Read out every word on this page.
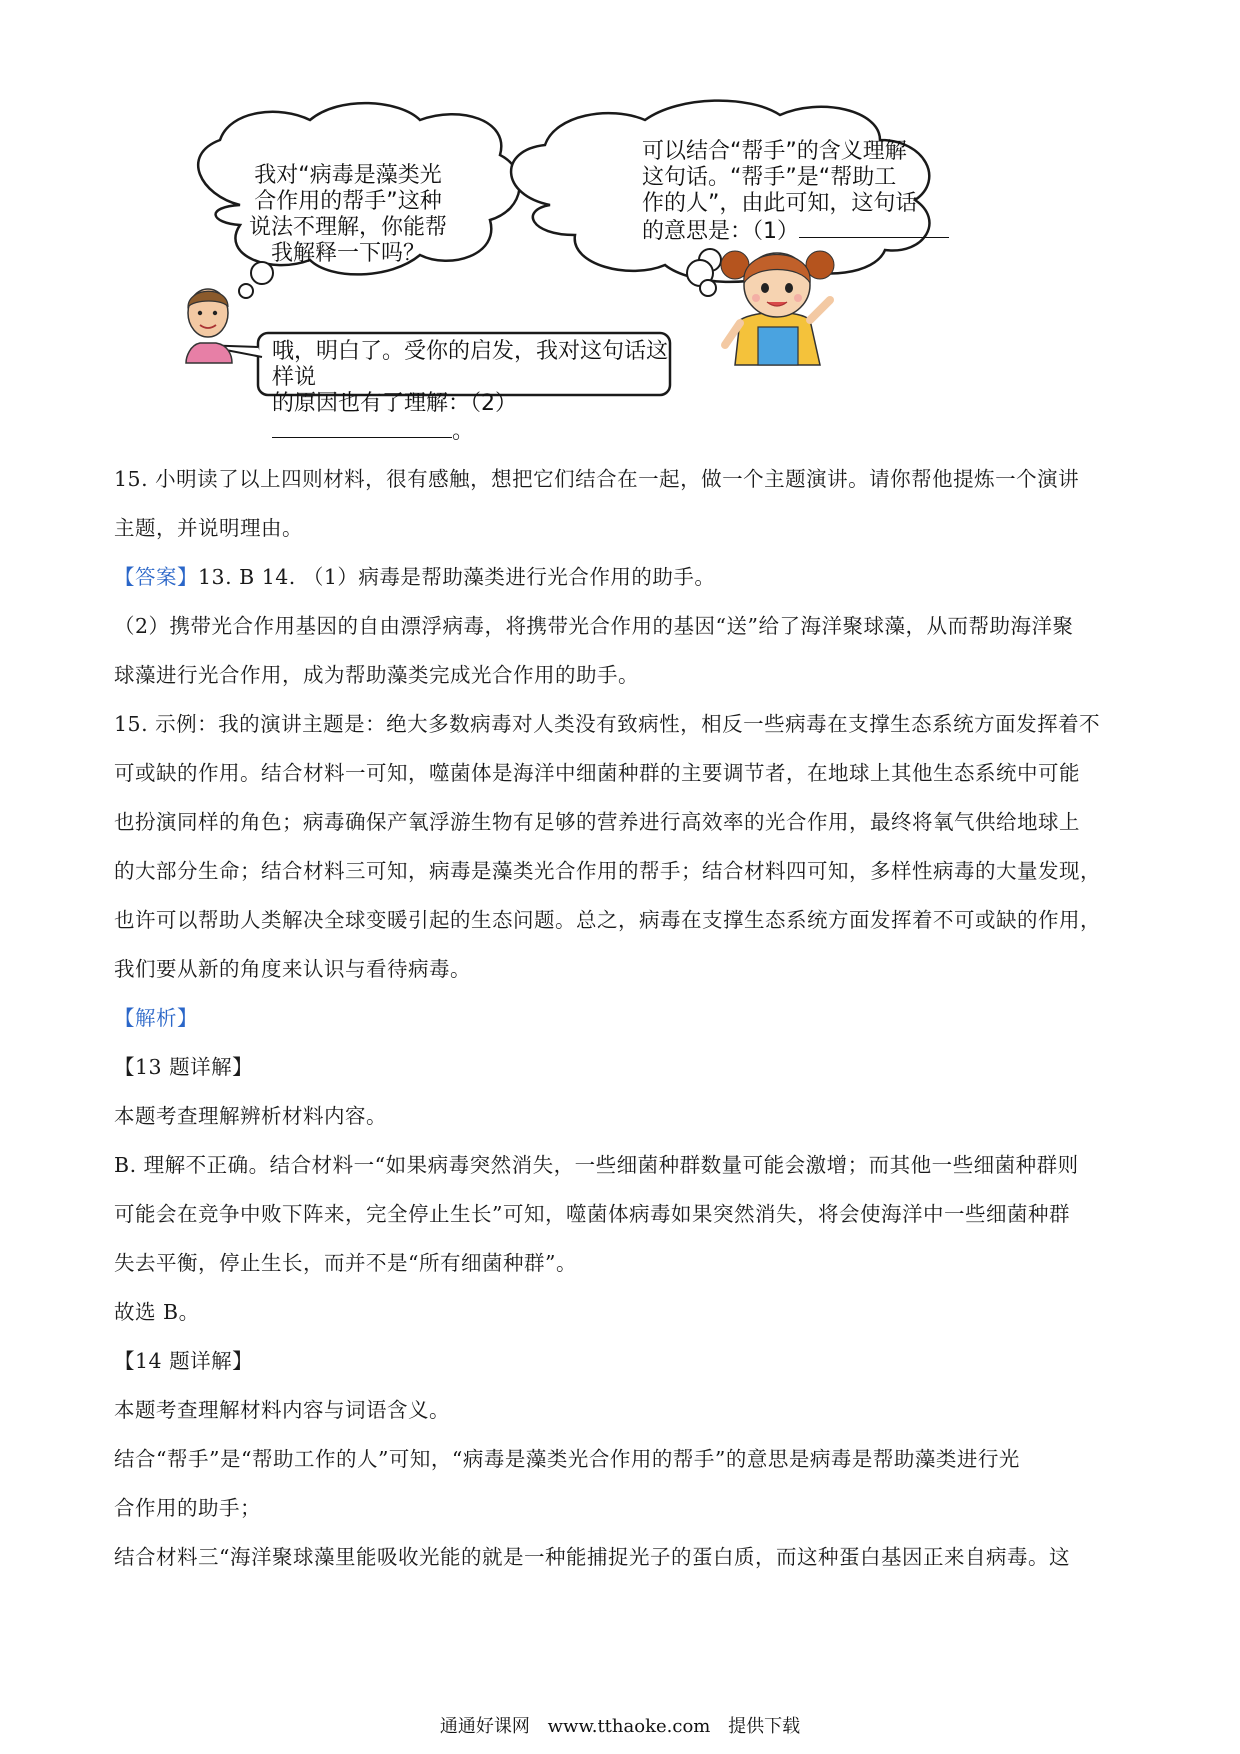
我对“病毒是藻类光
合作用的帮手”这种
说法不理解，你能帮
我解释一下吗？
可以结合“帮手”的含义理解
这句话。“帮手”是“帮助工
作的人”，由此可知，这句话
的意思是：（1）
哦，明白了。受你的启发，我对这句话这样说
的原因也有了理解：（2）。

15. 小明读了以上四则材料，很有感触，想把它们结合在一起，做一个主题演讲。请你帮他提炼一个演讲

主题，并说明理由。

【答案】13. B 14. （1）病毒是帮助藻类进行光合作用的助手。

（2）携带光合作用基因的自由漂浮病毒，将携带光合作用的基因“送”给了海洋聚球藻，从而帮助海洋聚

球藻进行光合作用，成为帮助藻类完成光合作用的助手。

15. 示例：我的演讲主题是：绝大多数病毒对人类没有致病性，相反一些病毒在支撑生态系统方面发挥着不

可或缺的作用。结合材料一可知，噬菌体是海洋中细菌种群的主要调节者，在地球上其他生态系统中可能

也扮演同样的角色；病毒确保产氧浮游生物有足够的营养进行高效率的光合作用，最终将氧气供给地球上

的大部分生命；结合材料三可知，病毒是藻类光合作用的帮手；结合材料四可知，多样性病毒的大量发现，

也许可以帮助人类解决全球变暖引起的生态问题。总之，病毒在支撑生态系统方面发挥着不可或缺的作用，

我们要从新的角度来认识与看待病毒。

【解析】

【13 题详解】

本题考查理解辨析材料内容。

B. 理解不正确。结合材料一“如果病毒突然消失，一些细菌种群数量可能会激增；而其他一些细菌种群则

可能会在竞争中败下阵来，完全停止生长”可知，噬菌体病毒如果突然消失，将会使海洋中一些细菌种群

失去平衡，停止生长，而并不是“所有细菌种群”。

故选 B。

【14 题详解】

本题考查理解材料内容与词语含义。

结合“帮手”是“帮助工作的人”可知，“病毒是藻类光合作用的帮手”的意思是病毒是帮助藻类进行光

合作用的助手；

结合材料三“海洋聚球藻里能吸收光能的就是一种能捕捉光子的蛋白质，而这种蛋白基因正来自病毒。这

通通好课网 www.tthaoke.com 提供下载
